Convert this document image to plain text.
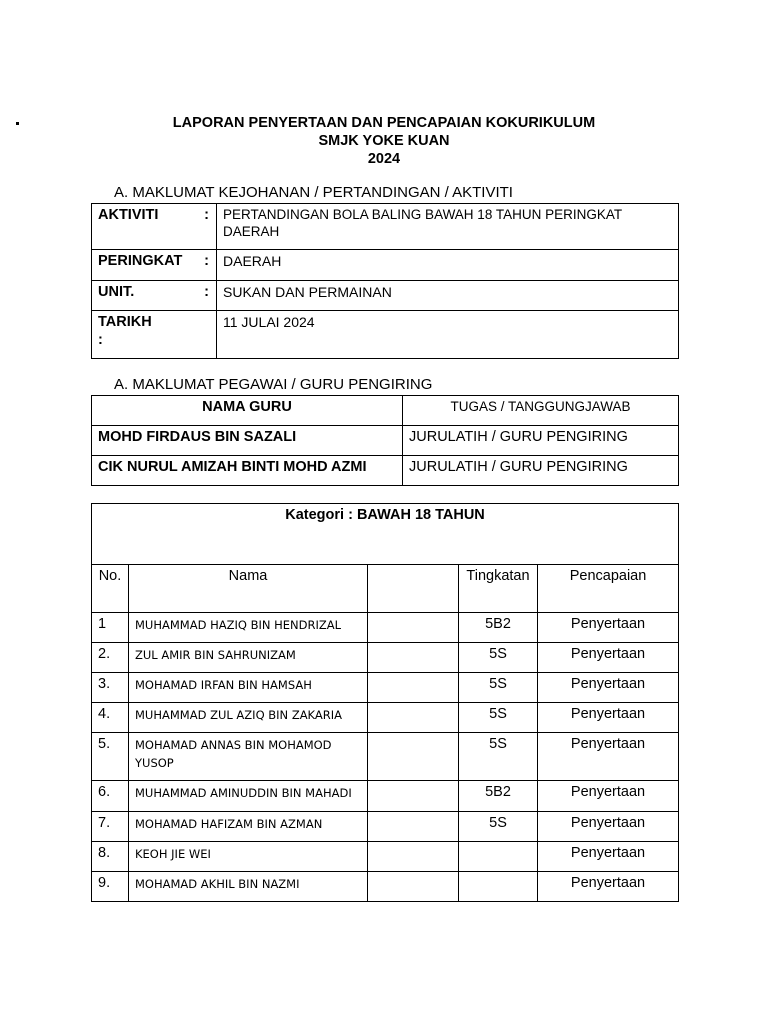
LAPORAN PENYERTAAN DAN PENCAPAIAN KOKURIKULUM
SMJK YOKE KUAN
2024
A. MAKLUMAT KEJOHANAN / PERTANDINGAN / AKTIVITI
AKTIVITI :	PERTANDINGAN BOLA BALING BAWAH 18 TAHUN PERINGKAT DAERAH

PERINGKAT :	DAERAH

UNIT. :	SUKAN DAN PERMAINAN

TARIKH
:	11 JULAI 2024
A. MAKLUMAT PEGAWAI / GURU PENGIRING
NAMA GURU	TUGAS / TANGGUNGJAWAB

MOHD FIRDAUS BIN SAZALI	JURULATIH / GURU PENGIRING

CIK NURUL AMIZAH BINTI MOHD AZMI	JURULATIH / GURU PENGIRING
Kategori : BAWAH 18 TAHUN				

No.	Nama		Tingkatan	Pencapaian

1	MUHAMMAD HAZIQ BIN HENDRIZAL		5B2	Penyertaan

2.	ZUL AMIR BIN SAHRUNIZAM		5S	Penyertaan

3.	MOHAMAD IRFAN BIN HAMSAH		5S	Penyertaan

4.	MUHAMMAD ZUL AZIQ BIN ZAKARIA		5S	Penyertaan

5.	MOHAMAD ANNAS BIN MOHAMOD YUSOP		5S	Penyertaan

6.	MUHAMMAD AMINUDDIN BIN MAHADI		5B2	Penyertaan

7.	MOHAMAD HAFIZAM BIN AZMAN		5S	Penyertaan

8.	KEOH JIE WEI			Penyertaan

9.	MOHAMAD AKHIL BIN NAZMI			Penyertaan
